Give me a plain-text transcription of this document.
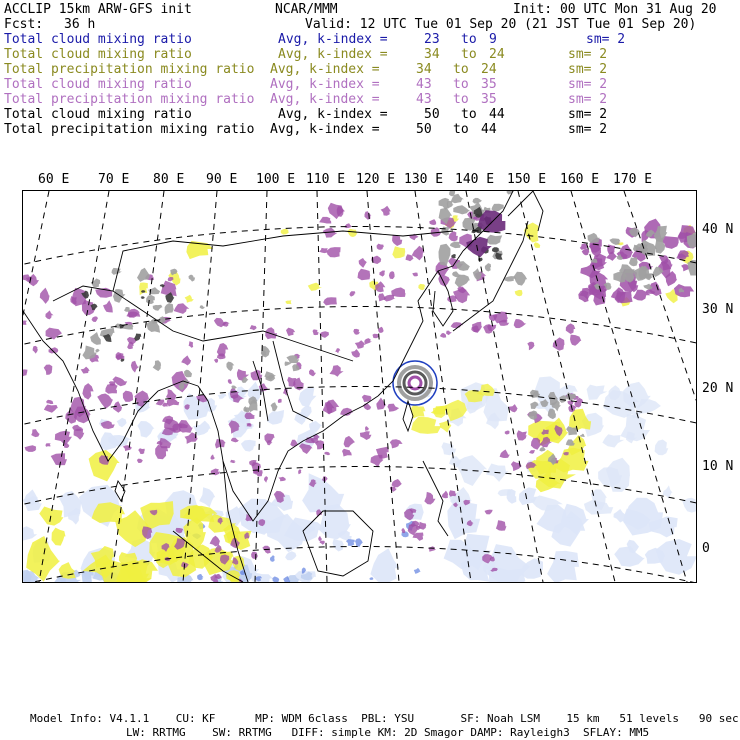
ACCLIP 15km ARW-GFS init	NCAR/MMM	Init: 00 UTC Mon 31 Aug 20
Fcst: 36 h	Valid: 12 UTC Tue 01 Sep 20 (21 JST Tue 01 Sep 20)
Total cloud mixing ratio	Avg, k-index =	23 to 9	sm= 2
Total cloud mixing ratio	Avg, k-index =	34 to 24	sm= 2
Total precipitation mixing ratio Avg, k-index =	34 to 24	sm= 2
Total cloud mixing ratio	Avg, k-index =	43 to 35	sm= 2
Total precipitation mixing ratio Avg, k-index =	43 to 35	sm= 2
Total cloud mixing ratio	Avg, k-index =	50 to 44	sm= 2
Total precipitation mixing ratio Avg, k-index =	50 to 44	sm= 2
60 E 70 E 80 E 90 E 100 E 110 E 120 E 130 E 140 E 150 E 160 E 170 E
40 N
30 N
20 N
10 N
0
Model Info: V4.1.1    CU: KF      MP: WDM 6class  PBL: YSU       SF: Noah LSM    15 km   51 levels   90 sec
LW: RRTMG    SW: RRTMG   DIFF: simple KM: 2D Smagor DAMP: Rayleigh3  SFLAY: MM5
